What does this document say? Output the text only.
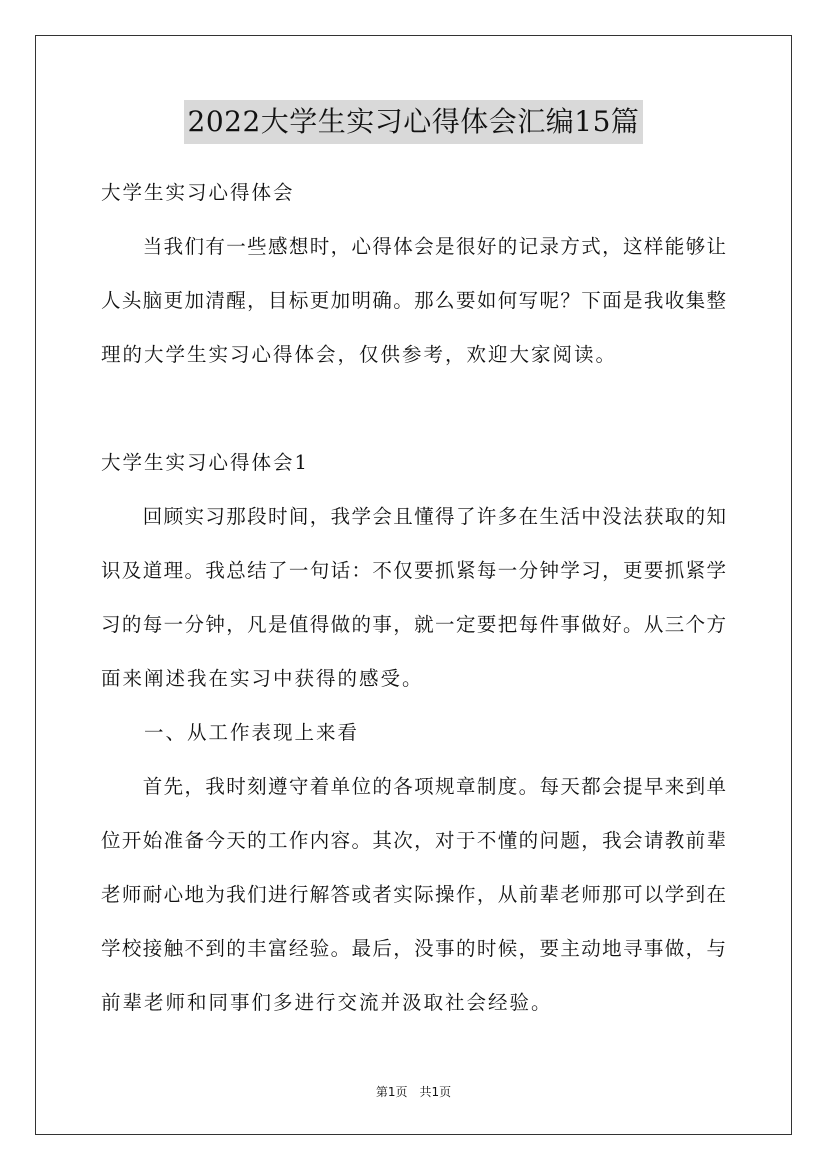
2022大学生实习心得体会汇编15篇
大学生实习心得体会
　　当我们有一些感想时，心得体会是很好的记录方式，这样能够让
人头脑更加清醒，目标更加明确。那么要如何写呢？下面是我收集整
理的大学生实习心得体会，仅供参考，欢迎大家阅读。
大学生实习心得体会1
　　回顾实习那段时间，我学会且懂得了许多在生活中没法获取的知
识及道理。我总结了一句话：不仅要抓紧每一分钟学习，更要抓紧学
习的每一分钟，凡是值得做的事，就一定要把每件事做好。从三个方
面来阐述我在实习中获得的感受。
　　一、从工作表现上来看
　　首先，我时刻遵守着单位的各项规章制度。每天都会提早来到单
位开始准备今天的工作内容。其次，对于不懂的问题，我会请教前辈
老师耐心地为我们进行解答或者实际操作，从前辈老师那可以学到在
学校接触不到的丰富经验。最后，没事的时候，要主动地寻事做，与
前辈老师和同事们多进行交流并汲取社会经验。
第1页　共1页
